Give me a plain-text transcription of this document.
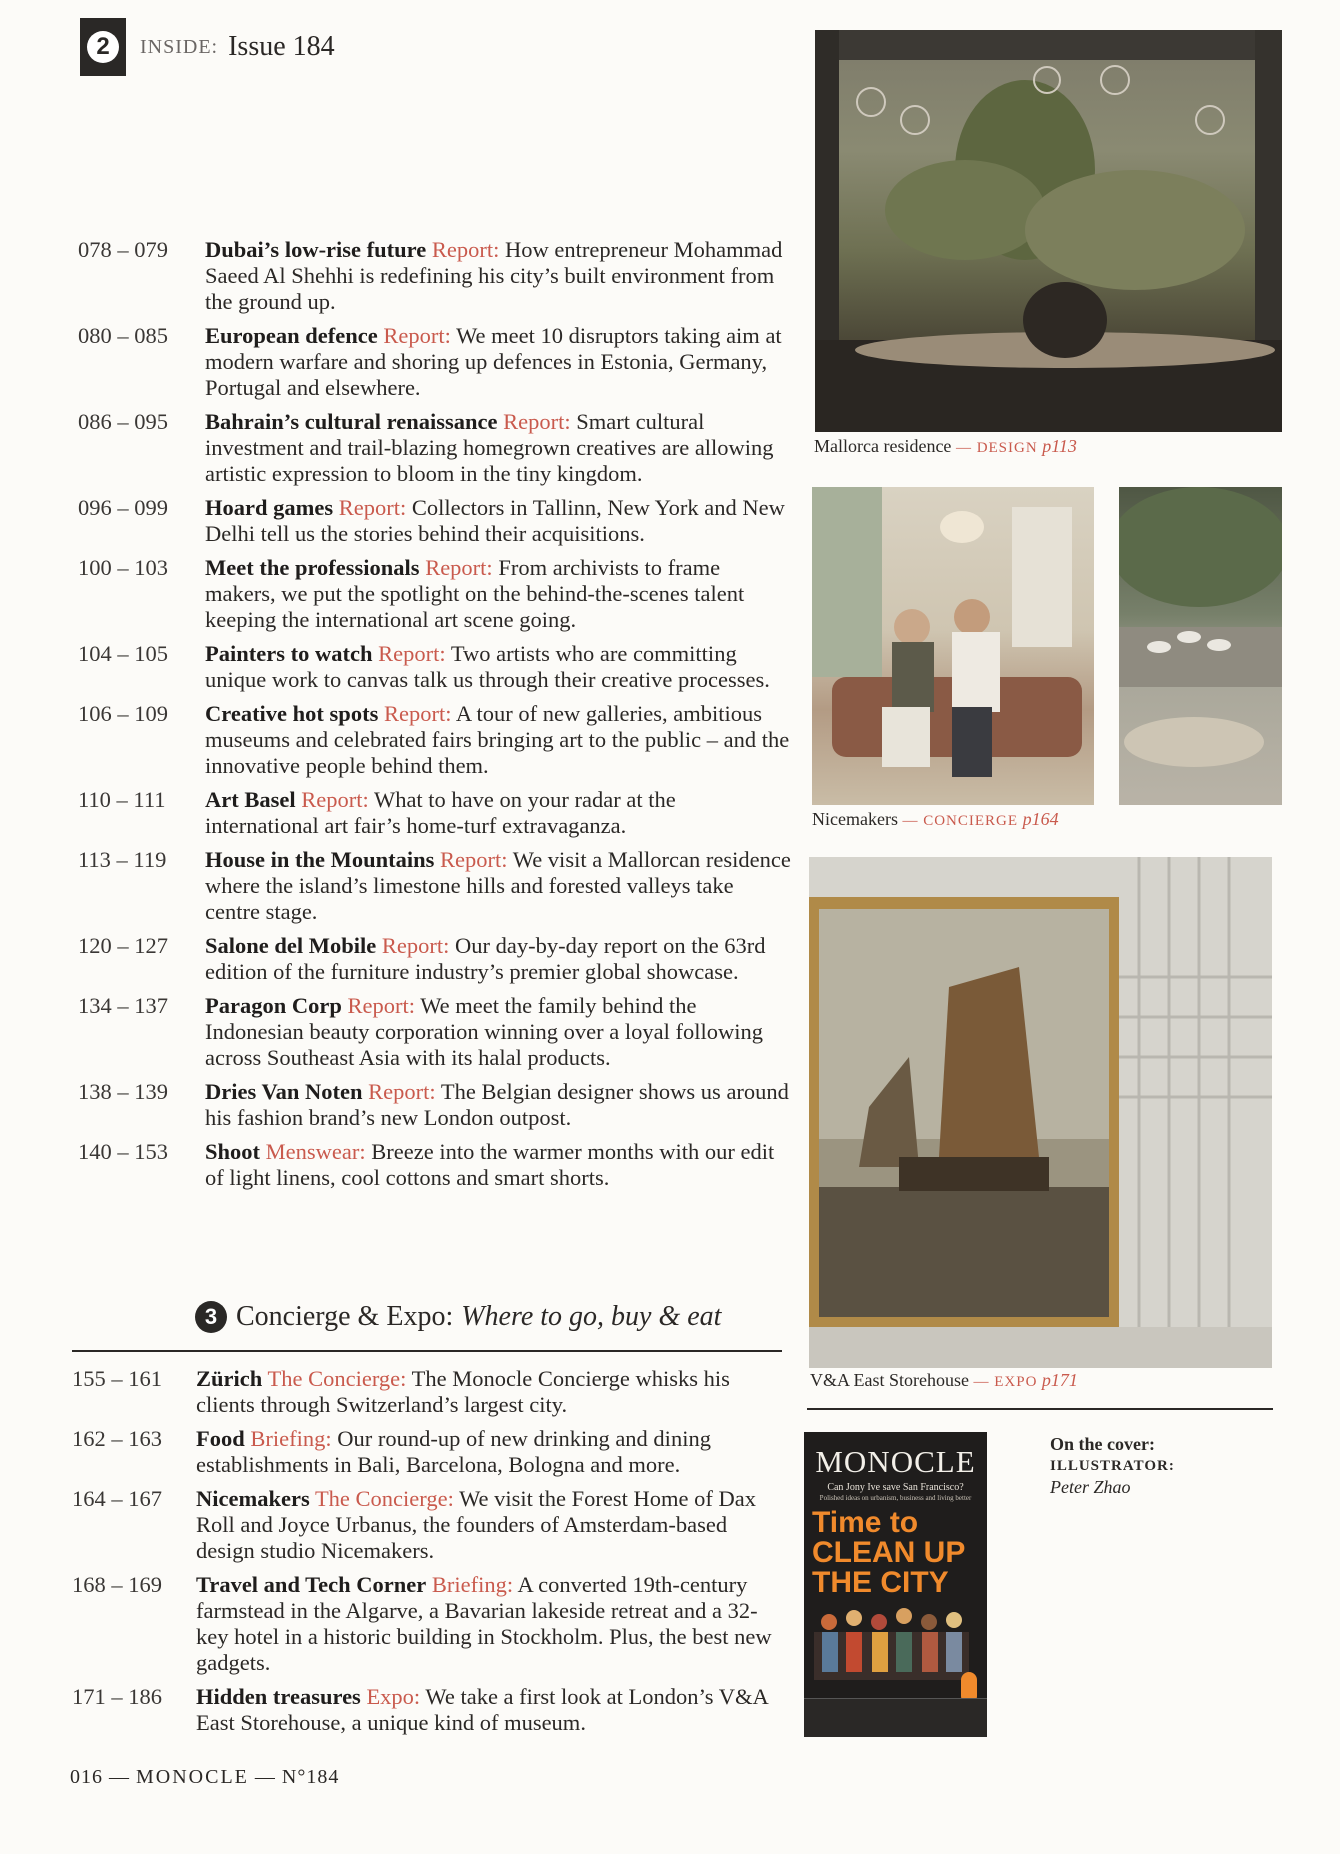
2	INSIDE: Issue 184
078 – 079	Dubai’s low-rise future Report: How entrepreneur Mohammad Saeed Al Shehhi is redefining his city’s built environment from the ground up.
080 – 085	European defence Report: We meet 10 disruptors taking aim at modern warfare and shoring up defences in Estonia, Germany, Portugal and elsewhere.
086 – 095	Bahrain’s cultural renaissance Report: Smart cultural investment and trail-blazing homegrown creatives are allowing artistic expression to bloom in the tiny kingdom.
096 – 099	Hoard games Report: Collectors in Tallinn, New York and New Delhi tell us the stories behind their acquisitions.
100 – 103	Meet the professionals Report: From archivists to frame makers, we put the spotlight on the behind-the-scenes talent keeping the international art scene going.
104 – 105	Painters to watch Report: Two artists who are committing unique work to canvas talk us through their creative processes.
106 – 109	Creative hot spots Report: A tour of new galleries, ambitious museums and celebrated fairs bringing art to the public – and the innovative people behind them.
110 – 111	Art Basel Report: What to have on your radar at the international art fair’s home-turf extravaganza.
113 – 119	House in the Mountains Report: We visit a Mallorcan residence where the island’s limestone hills and forested valleys take centre stage.
120 – 127	Salone del Mobile Report: Our day-by-day report on the 63rd edition of the furniture industry’s premier global showcase.
134 – 137	Paragon Corp Report: We meet the family behind the Indonesian beauty corporation winning over a loyal following across Southeast Asia with its halal products.
138 – 139	Dries Van Noten Report: The Belgian designer shows us around his fashion brand’s new London outpost.
140 – 153	Shoot Menswear: Breeze into the warmer months with our edit of light linens, cool cottons and smart shorts.
3 Concierge & Expo: Where to go, buy & eat
155 – 161	Zürich The Concierge: The Monocle Concierge whisks his clients through Switzerland’s largest city.
162 – 163	Food Briefing: Our round-up of new drinking and dining establishments in Bali, Barcelona, Bologna and more.
164 – 167	Nicemakers The Concierge: We visit the Forest Home of Dax Roll and Joyce Urbanus, the founders of Amsterdam-based design studio Nicemakers.
168 – 169	Travel and Tech Corner Briefing: A converted 19th-century farmstead in the Algarve, a Bavarian lakeside retreat and a 32-key hotel in a historic building in Stockholm. Plus, the best new gadgets.
171 – 186	Hidden treasures Expo: We take a first look at London’s V&A East Storehouse, a unique kind of museum.
016 — MONOCLE — N°184
Mallorca residence — DESIGN p113
Nicemakers — CONCIERGE p164
V&A East Storehouse — EXPO p171
MONOCLE
Can Jony Ive save San Francisco?
Polished ideas on urbanism, business and living better
Time to CLEAN UP THE CITY
On the cover:
ILLUSTRATOR:
Peter Zhao
